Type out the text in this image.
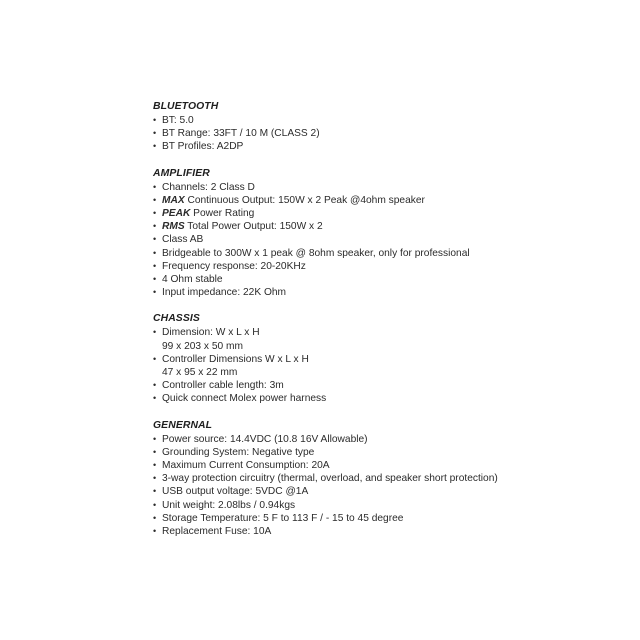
BLUETOOTH
• BT: 5.0
• BT Range: 33FT / 10 M (CLASS 2)
• BT Profiles: A2DP
AMPLIFIER
• Channels: 2 Class D
• MAX Continuous Output: 150W x 2 Peak @4ohm speaker
• PEAK Power Rating
• RMS Total Power Output: 150W x 2
• Class AB
• Bridgeable to 300W x 1 peak @ 8ohm speaker, only for professional
• Frequency response: 20-20KHz
• 4 Ohm stable
• Input impedance: 22K Ohm
CHASSIS
• Dimension: W x L x H
99 x 203 x 50 mm
• Controller Dimensions W x L x H
47 x 95 x 22 mm
• Controller cable length: 3m
• Quick connect Molex power harness
GENERNAL
• Power source: 14.4VDC (10.8 16V Allowable)
• Grounding System: Negative type
• Maximum Current Consumption: 20A
• 3-way protection circuitry (thermal, overload, and speaker short protection)
• USB output voltage: 5VDC @1A
• Unit weight: 2.08lbs / 0.94kgs
• Storage Temperature: 5 F to 113 F / - 15 to 45 degree
• Replacement Fuse: 10A
